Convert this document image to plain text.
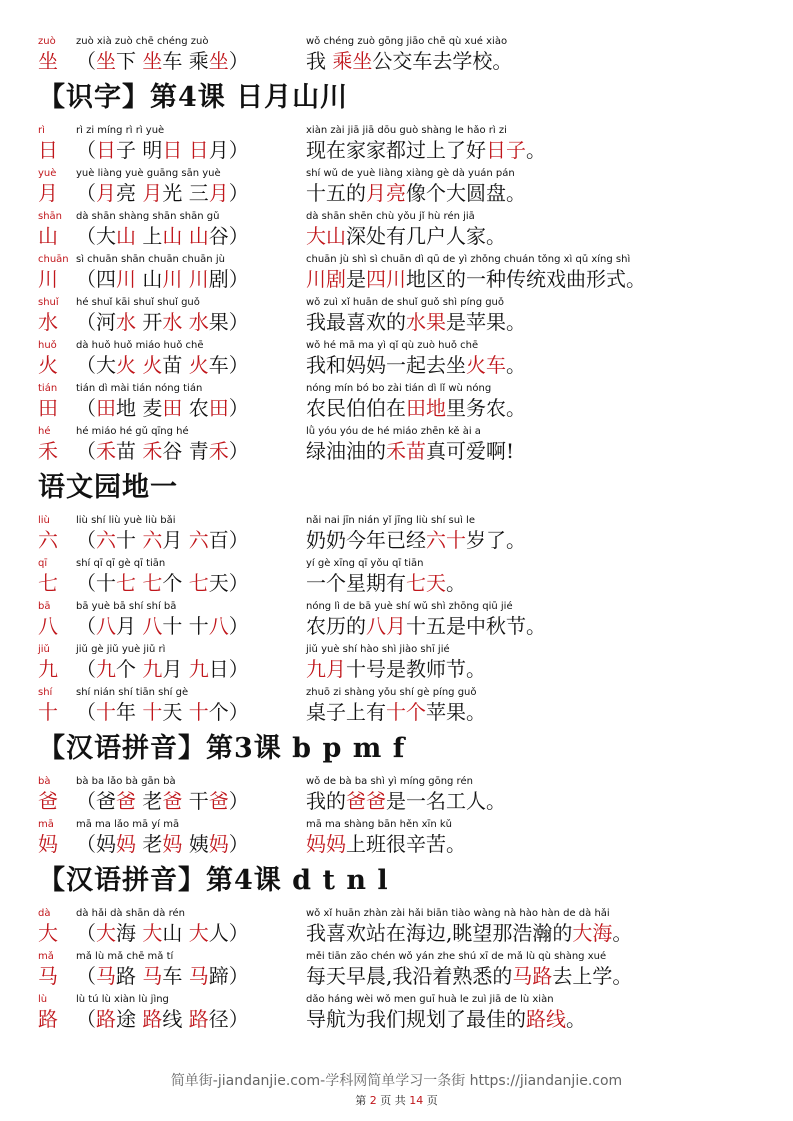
zuò
坐
zuò xià zuò chē chéng zuò
（坐下 坐车 乘坐）
wǒ chéng zuò gōng jiāo chē qù xué xiào
我 乘坐公交车去学校。
【识字】第4课 日月山川
rì
日
rì zi míng rì rì yuè
（日子 明日 日月）
xiàn zài jiā jiā dōu guò shàng le hǎo rì zi
现在家家都过上了好日子。
yuè
月
yuè liàng yuè guāng sān yuè
（月亮 月光 三月）
shí wǔ de yuè liàng xiàng gè dà yuán pán
十五的月亮像个大圆盘。
shān
山
dà shān shàng shān shān gǔ
（大山 上山 山谷）
dà shān shēn chù yǒu jǐ hù rén jiā
大山深处有几户人家。
chuān
川
sì chuān shān chuān chuān jù
（四川 山川 川剧）
chuān jù shì sì chuān dì qū de yì zhǒng chuán tǒng xì qǔ xíng shì
川剧是四川地区的一种传统戏曲形式。
shuǐ
水
hé shuǐ kāi shuǐ shuǐ guǒ
（河水 开水 水果）
wǒ zuì xǐ huān de shuǐ guǒ shì píng guǒ
我最喜欢的水果是苹果。
huǒ
火
dà huǒ huǒ miáo huǒ chē
（大火 火苗 火车）
wǒ hé mā ma yì qǐ qù zuò huǒ chē
我和妈妈一起去坐火车。
tián
田
tián dì mài tián nóng tián
（田地 麦田 农田）
nóng mín bó bo zài tián dì lǐ wù nóng
农民伯伯在田地里务农。
hé
禾
hé miáo hé gǔ qīng hé
（禾苗 禾谷 青禾）
lǜ yóu yóu de hé miáo zhēn kě ài a
绿油油的禾苗真可爱啊!
语文园地一
liù
六
liù shí liù yuè liù bǎi
（六十 六月 六百）
nǎi nai jīn nián yǐ jīng liù shí suì le
奶奶今年已经六十岁了。
qī
七
shí qī qī gè qī tiān
（十七 七个 七天）
yí gè xīng qī yǒu qī tiān
一个星期有七天。
bā
八
bā yuè bā shí shí bā
（八月 八十 十八）
nóng lì de bā yuè shí wǔ shì zhōng qiū jié
农历的八月十五是中秋节。
jiǔ
九
jiǔ gè jiǔ yuè jiǔ rì
（九个 九月 九日）
jiǔ yuè shí hào shì jiào shī jié
九月十号是教师节。
shí
十
shí nián shí tiān shí gè
（十年 十天 十个）
zhuō zi shàng yǒu shí gè píng guǒ
桌子上有十个苹果。
【汉语拼音】第3课 b p m f
bà
爸
bà ba lǎo bà gān bà
（爸爸 老爸 干爸）
wǒ de bà ba shì yì míng gōng rén
我的爸爸是一名工人。
mā
妈
mā ma lǎo mā yí mā
（妈妈 老妈 姨妈）
mā ma shàng bān hěn xīn kǔ
妈妈上班很辛苦。
【汉语拼音】第4课 d t n l
dà
大
dà hǎi dà shān dà rén
（大海 大山 大人）
wǒ xǐ huān zhàn zài hǎi biān tiào wàng nà hào hàn de dà hǎi
我喜欢站在海边,眺望那浩瀚的大海。
mǎ
马
mǎ lù mǎ chē mǎ tí
（马路 马车 马蹄）
měi tiān zǎo chén wǒ yán zhe shú xī de mǎ lù qù shàng xué
每天早晨,我沿着熟悉的马路去上学。
lù
路
lù tú lù xiàn lù jìng
（路途 路线 路径）
dǎo háng wèi wǒ men guī huà le zuì jiā de lù xiàn
导航为我们规划了最佳的路线。
简单街-jiandanjie.com-学科网简单学习一条街 https://jiandanjie.com
第 2 页 共 14 页
